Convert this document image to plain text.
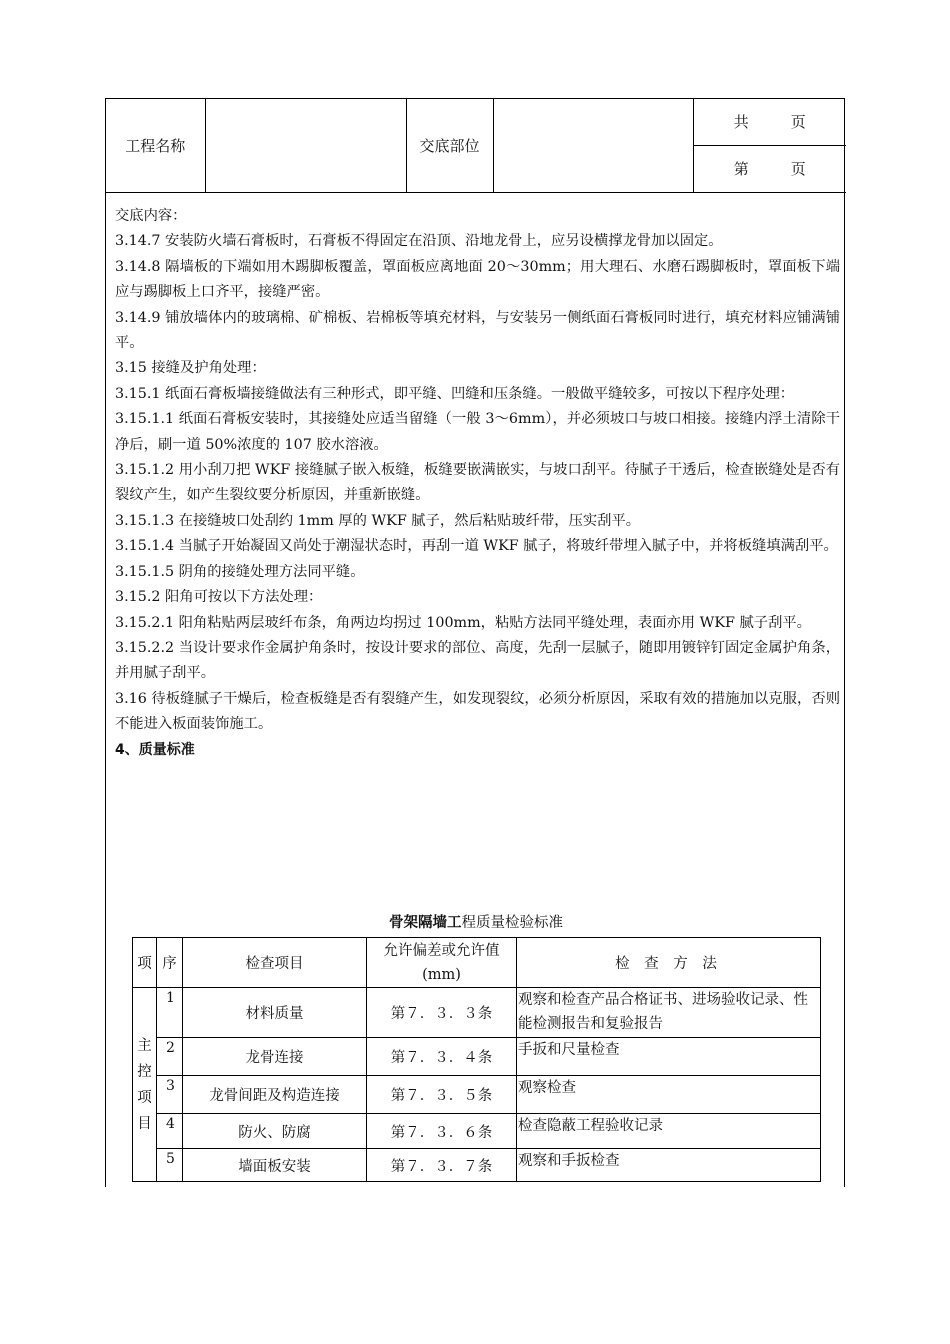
工程名称		交底部位		共	页
第	页

交底内容：

3.14.7 安装防火墙石膏板时，石膏板不得固定在沿顶、沿地龙骨上，应另设横撑龙骨加以固定。

3.14.8 隔墙板的下端如用木踢脚板覆盖，罩面板应离地面 20～30mm；用大理石、水磨石踢脚板时，罩面板下端应与踢脚板上口齐平，接缝严密。

3.14.9 铺放墙体内的玻璃棉、矿棉板、岩棉板等填充材料，与安装另一侧纸面石膏板同时进行，填充材料应铺满铺平。

3.15 接缝及护角处理：

3.15.1 纸面石膏板墙接缝做法有三种形式，即平缝、凹缝和压条缝。一般做平缝较多，可按以下程序处理：

3.15.1.1 纸面石膏板安装时，其接缝处应适当留缝（一般 3～6mm），并必须坡口与坡口相接。接缝内浮土清除干净后，刷一道 50%浓度的 107 胶水溶液。

3.15.1.2 用小刮刀把 WKF 接缝腻子嵌入板缝，板缝要嵌满嵌实，与坡口刮平。待腻子干透后，检查嵌缝处是否有裂纹产生，如产生裂纹要分析原因，并重新嵌缝。

3.15.1.3 在接缝坡口处刮约 1mm 厚的 WKF 腻子，然后粘贴玻纤带，压实刮平。

3.15.1.4 当腻子开始凝固又尚处于潮湿状态时，再刮一道 WKF 腻子，将玻纤带埋入腻子中，并将板缝填满刮平。

3.15.1.5 阴角的接缝处理方法同平缝。

3.15.2 阳角可按以下方法处理：

3.15.2.1 阳角粘贴两层玻纤布条，角两边均拐过 100mm，粘贴方法同平缝处理，表面亦用 WKF 腻子刮平。

3.15.2.2 当设计要求作金属护角条时，按设计要求的部位、高度，先刮一层腻子，随即用镀锌钉固定金属护角条，并用腻子刮平。

3.16 待板缝腻子干燥后，检查板缝是否有裂缝产生，如发现裂纹，必须分析原因，采取有效的措施加以克服，否则不能进入板面装饰施工。

4、质量标准

骨架隔墙工程质量检验标准
项	序	检查项目	允许偏差或允许值(mm)	检 查 方 法
主控项目	1	材料质量	第７．３．３条	观察和检查产品合格证书、进场验收记录、性能检测报告和复验报告
	2	龙骨连接	第７．３．４条	手扳和尺量检查
	3	龙骨间距及构造连接	第７．３．５条	观察检查
	4	防火、防腐	第７．３．６条	检查隐蔽工程验收记录
	5	墙面板安装	第７．３．７条	观察和手扳检查
